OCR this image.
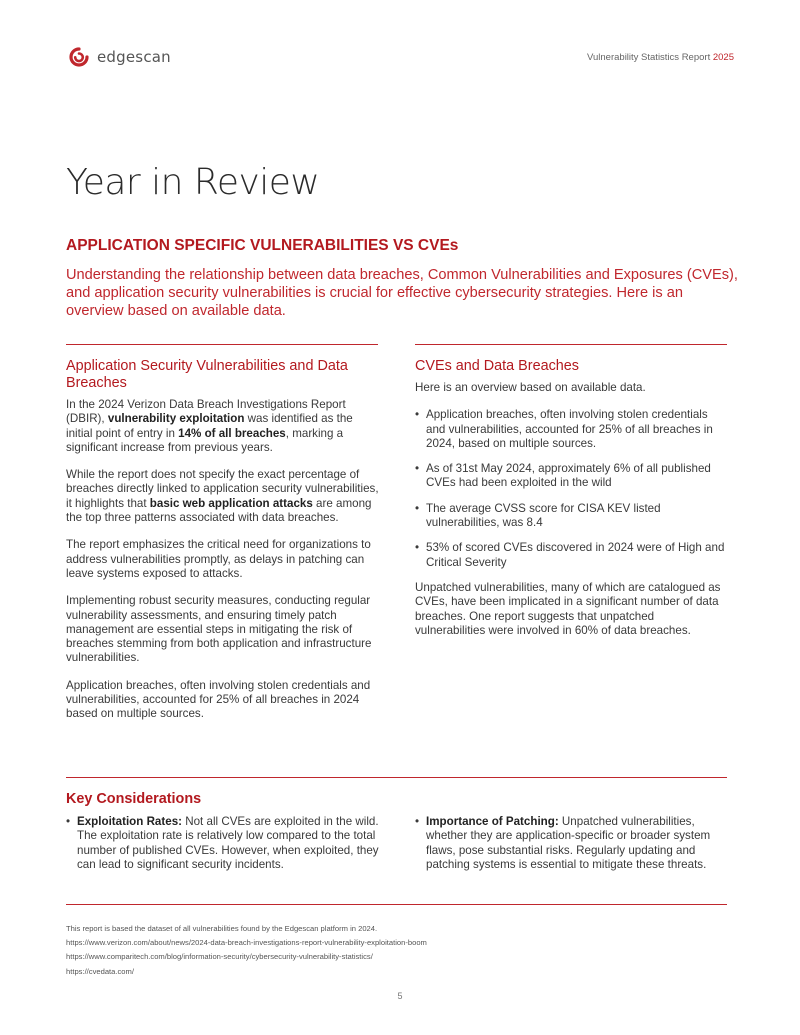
edgescan	Vulnerability Statistics Report 2025
Year in Review
APPLICATION SPECIFIC VULNERABILITIES VS CVEs

Understanding the relationship between data breaches, Common Vulnerabilities and Exposures (CVEs), and application security vulnerabilities is crucial for effective cybersecurity strategies. Here is an overview based on available data.

Application Security Vulnerabilities and Data Breaches

In the 2024 Verizon Data Breach Investigations Report (DBIR), vulnerability exploitation was identified as the initial point of entry in 14% of all breaches, marking a significant increase from previous years.

While the report does not specify the exact percentage of breaches directly linked to application security vulnerabilities, it highlights that basic web application attacks are among the top three patterns associated with data breaches.

The report emphasizes the critical need for organizations to address vulnerabilities promptly, as delays in patching can leave systems exposed to attacks.

Implementing robust security measures, conducting regular vulnerability assessments, and ensuring timely patch management are essential steps in mitigating the risk of breaches stemming from both application and infrastructure vulnerabilities.

Application breaches, often involving stolen credentials and vulnerabilities, accounted for 25% of all breaches in 2024 based on multiple sources.

CVEs and Data Breaches

Here is an overview based on available data.

• Application breaches, often involving stolen credentials and vulnerabilities, accounted for 25% of all breaches in 2024, based on multiple sources.
• As of 31st May 2024, approximately 6% of all published CVEs had been exploited in the wild
• The average CVSS score for CISA KEV listed vulnerabilities, was 8.4
• 53% of scored CVEs discovered in 2024 were of High and Critical Severity

Unpatched vulnerabilities, many of which are catalogued as CVEs, have been implicated in a significant number of data breaches. One report suggests that unpatched vulnerabilities were involved in 60% of data breaches.

Key Considerations
• Exploitation Rates: Not all CVEs are exploited in the wild. The exploitation rate is relatively low compared to the total number of published CVEs. However, when exploited, they can lead to significant security incidents.
• Importance of Patching: Unpatched vulnerabilities, whether they are application-specific or broader system flaws, pose substantial risks. Regularly updating and patching systems is essential to mitigate these threats.
This report is based the dataset of all vulnerabilities found by the Edgescan platform in 2024.
https://www.verizon.com/about/news/2024-data-breach-investigations-report-vulnerability-exploitation-boom
https://www.comparitech.com/blog/information-security/cybersecurity-vulnerability-statistics/
https://cvedata.com/
5
